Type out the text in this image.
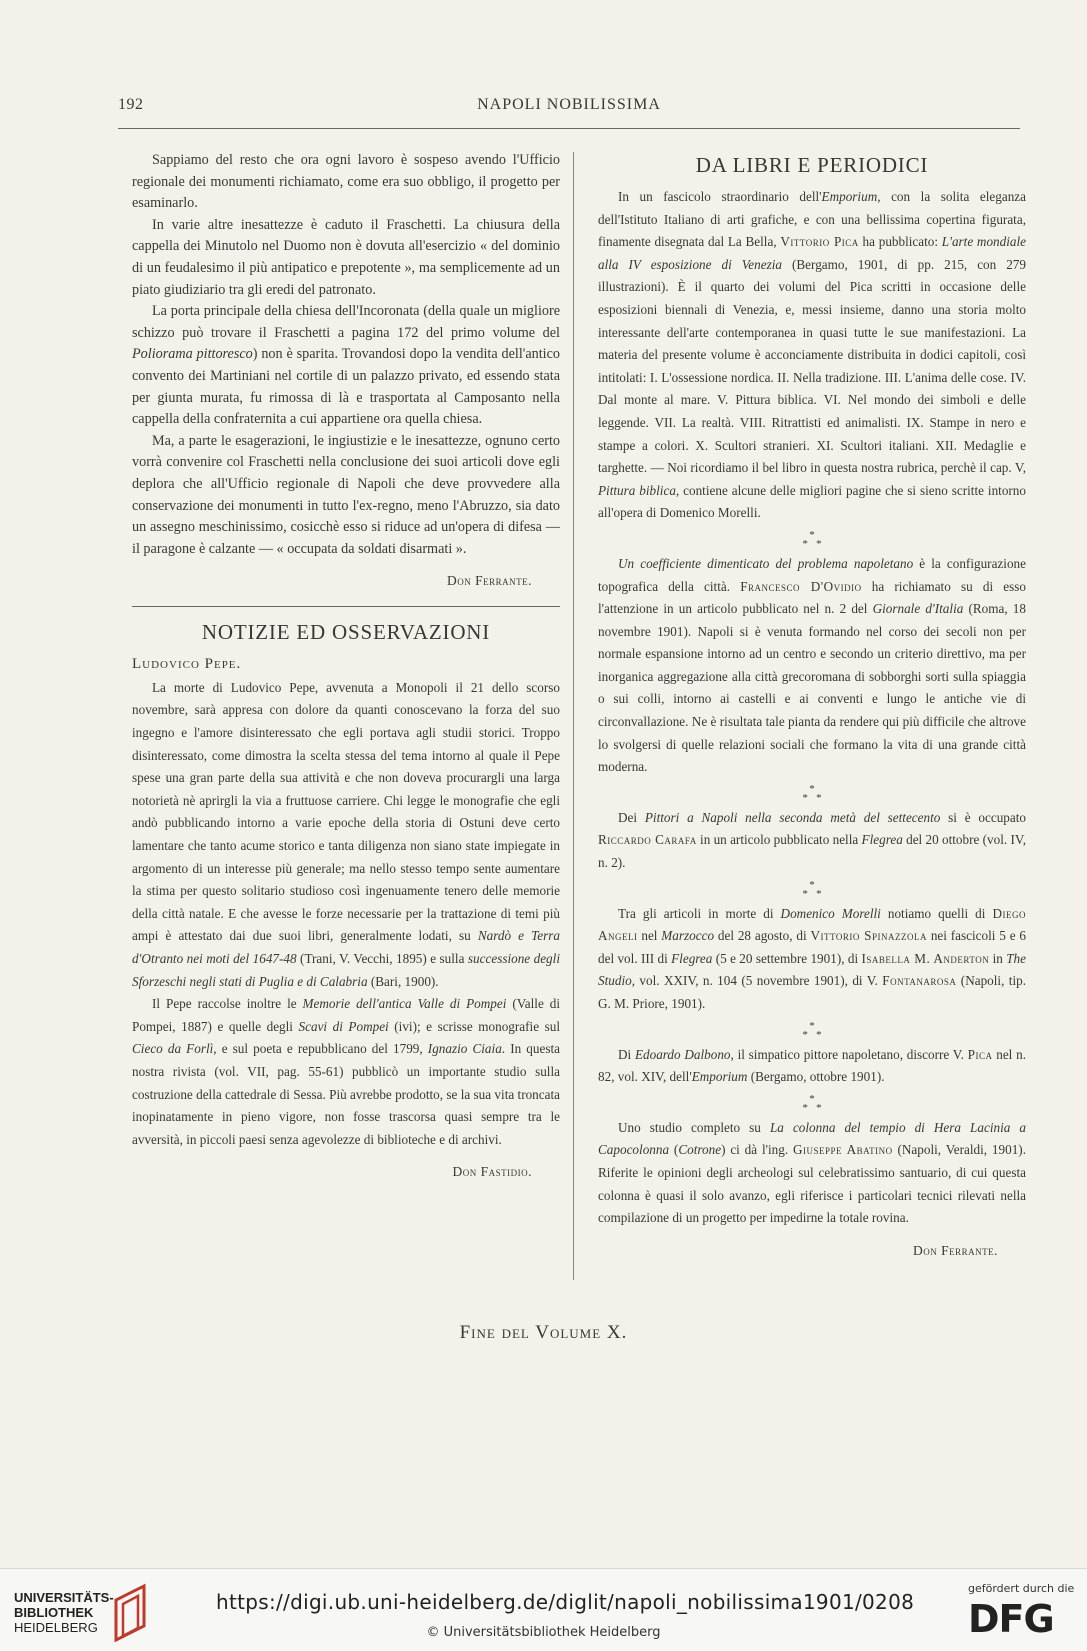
192	NAPOLI NOBILISSIMA

Sappiamo del resto che ora ogni lavoro è sospeso avendo l'Ufficio regionale dei monumenti richiamato, come era suo obbligo, il progetto per esaminarlo.

In varie altre inesattezze è caduto il Fraschetti. La chiusura della cappella dei Minutolo nel Duomo non è dovuta all'esercizio « del dominio di un feudalesimo il più antipatico e prepotente », ma semplicemente ad un piato giudiziario tra gli eredi del patronato.

La porta principale della chiesa dell'Incoronata (della quale un migliore schizzo può trovare il Fraschetti a pagina 172 del primo volume del Poliorama pittoresco) non è sparita. Trovandosi dopo la vendita dell'antico convento dei Martiniani nel cortile di un palazzo privato, ed essendo stata per giunta murata, fu rimossa di là e trasportata al Camposanto nella cappella della confraternita a cui appartiene ora quella chiesa.

Ma, a parte le esagerazioni, le ingiustizie e le inesattezze, ognuno certo vorrà convenire col Fraschetti nella conclusione dei suoi articoli dove egli deplora che all'Ufficio regionale di Napoli che deve provvedere alla conservazione dei monumenti in tutto l'ex-regno, meno l'Abruzzo, sia dato un assegno meschinissimo, cosicchè esso si riduce ad un'opera di difesa — il paragone è calzante — « occupata da soldati disarmati ».

Don Ferrante.

NOTIZIE ED OSSERVAZIONI
Ludovico Pepe.

La morte di Ludovico Pepe, avvenuta a Monopoli il 21 dello scorso novembre, sarà appresa con dolore da quanti conoscevano la forza del suo ingegno e l'amore disinteressato che egli portava agli studii storici. Troppo disinteressato, come dimostra la scelta stessa del tema intorno al quale il Pepe spese una gran parte della sua attività e che non doveva procurargli una larga notorietà nè aprirgli la via a fruttuose carriere. Chi legge le monografie che egli andò pubblicando intorno a varie epoche della storia di Ostuni deve certo lamentare che tanto acume storico e tanta diligenza non siano state impiegate in argomento di un interesse più generale; ma nello stesso tempo sente aumentare la stima per questo solitario studioso così ingenuamente tenero delle memorie della città natale. E che avesse le forze necessarie per la trattazione di temi più ampi è attestato dai due suoi libri, generalmente lodati, su Nardò e Terra d'Otranto nei moti del 1647-48 (Trani, V. Vecchi, 1895) e sulla successione degli Sforzeschi negli stati di Puglia e di Calabria (Bari, 1900).

Il Pepe raccolse inoltre le Memorie dell'antica Valle di Pompei (Valle di Pompei, 1887) e quelle degli Scavi di Pompei (ivi); e scrisse monografie sul Cieco da Forlì, e sul poeta e repubblicano del 1799, Ignazio Ciaia. In questa nostra rivista (vol. VII, pag. 55-61) pubblicò un importante studio sulla costruzione della cattedrale di Sessa. Più avrebbe prodotto, se la sua vita troncata inopinatamente in pieno vigore, non fosse trascorsa quasi sempre tra le avversità, in piccoli paesi senza agevolezze di biblioteche e di archivi.

Don Fastidio.

DA LIBRI E PERIODICI

In un fascicolo straordinario dell'Emporium, con la solita eleganza dell'Istituto Italiano di arti grafiche, e con una bellissima copertina figurata, finamente disegnata dal La Bella, Vittorio Pica ha pubblicato: L'arte mondiale alla IV esposizione di Venezia (Bergamo, 1901, di pp. 215, con 279 illustrazioni). È il quarto dei volumi del Pica scritti in occasione delle esposizioni biennali di Venezia, e, messi insieme, danno una storia molto interessante dell'arte contemporanea in quasi tutte le sue manifestazioni. La materia del presente volume è acconciamente distribuita in dodici capitoli, così intitolati: I. L'ossessione nordica. II. Nella tradizione. III. L'anima delle cose. IV. Dal monte al mare. V. Pittura biblica. VI. Nel mondo dei simboli e delle leggende. VII. La realtà. VIII. Ritrattisti ed animalisti. IX. Stampe in nero e stampe a colori. X. Scultori stranieri. XI. Scultori italiani. XII. Medaglie e targhette. — Noi ricordiamo il bel libro in questa nostra rubrica, perchè il cap. V, Pittura biblica, contiene alcune delle migliori pagine che si sieno scritte intorno all'opera di Domenico Morelli.

*
*   *

Un coefficiente dimenticato del problema napoletano è la configurazione topografica della città. Francesco D'Ovidio ha richiamato su di esso l'attenzione in un articolo pubblicato nel n. 2 del Giornale d'Italia (Roma, 18 novembre 1901). Napoli si è venuta formando nel corso dei secoli non per normale espansione intorno ad un centro e secondo un criterio direttivo, ma per inorganica aggregazione alla città grecoromana di sobborghi sorti sulla spiaggia o sui colli, intorno ai castelli e ai conventi e lungo le antiche vie di circonvallazione. Ne è risultata tale pianta da rendere qui più difficile che altrove lo svolgersi di quelle relazioni sociali che formano la vita di una grande città moderna.

*
*   *

Dei Pittori a Napoli nella seconda metà del settecento si è occupato Riccardo Carafa in un articolo pubblicato nella Flegrea del 20 ottobre (vol. IV, n. 2).

*
*   *

Tra gli articoli in morte di Domenico Morelli notiamo quelli di Diego Angeli nel Marzocco del 28 agosto, di Vittorio Spinazzola nei fascicoli 5 e 6 del vol. III di Flegrea (5 e 20 settembre 1901), di Isabella M. Anderton in The Studio, vol. XXIV, n. 104 (5 novembre 1901), di V. Fontanarosa (Napoli, tip. G. M. Priore, 1901).

*
*   *

Di Edoardo Dalbono, il simpatico pittore napoletano, discorre V. Pica nel n. 82, vol. XIV, dell'Emporium (Bergamo, ottobre 1901).

*
*   *

Uno studio completo su La colonna del tempio di Hera Lacinia a Capocolonna (Cotrone) ci dà l'ing. Giuseppe Abatino (Napoli, Veraldi, 1901). Riferite le opinioni degli archeologi sul celebratissimo santuario, di cui questa colonna è quasi il solo avanzo, egli riferisce i particolari tecnici rilevati nella compilazione di un progetto per impedirne la totale rovina.

Don Ferrante.

Fine del Volume X.
UNIVERSITÄTS-
BIBLIOTHEK
HEIDELBERG
https://digi.ub.uni-heidelberg.de/diglit/napoli_nobilissima1901/0208
© Universitätsbibliothek Heidelberg
gefördert durch die
DFG
